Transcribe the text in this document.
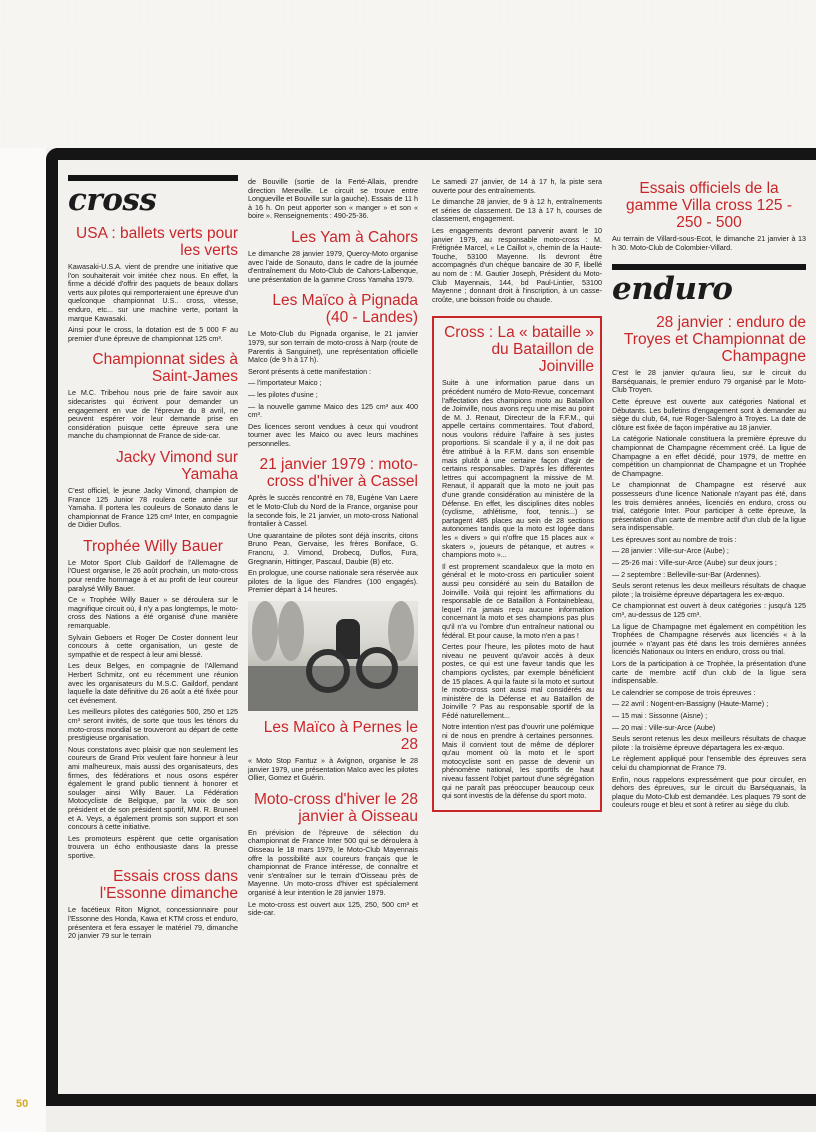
cross
USA : ballets verts pour les verts

Kawasaki-U.S.A. vient de prendre une initiative que l'on souhaiterait voir imitée chez nous. En effet, la firme a décidé d'offrir des paquets de beaux dollars verts aux pilotes qui remporteraient une épreuve d'un quelconque championnat U.S.. cross, vitesse, enduro, etc... sur une machine verte, portant la marque Kawasaki.

Ainsi pour le cross, la dotation est de 5 000 F au premier d'une épreuve de championnat 125 cm³.

Championnat sides à Saint-James

Le M.C. Tribehou nous prie de faire savoir aux sidecaristes qui écrivent pour demander un engagement en vue de l'épreuve du 8 avril, ne peuvent espérer voir leur demande prise en considération puisque cette épreuve sera une manche du championnat de France de side-car.

Jacky Vimond sur Yamaha

C'est officiel, le jeune Jacky Vimond, champion de France 125 Junior 78 roulera cette année sur Yamaha. Il portera les couleurs de Sonauto dans le championnat de France 125 cm³ Inter, en compagnie de Didier Duflos.

Trophée Willy Bauer

Le Motor Sport Club Gaildorf de l'Allemagne de l'Ouest organise, le 26 août prochain, un moto-cross pour rendre hommage à et au profit de leur coureur paralysé Willy Bauer.

Ce « Trophée Willy Bauer » se déroulera sur le magnifique circuit où, il n'y a pas longtemps, le moto-cross des Nations a été organisé d'une manière remarquable.

Sylvain Geboers et Roger De Coster donnent leur concours à cette organisation, un geste de sympathie et de respect à leur ami blessé.

Les deux Belges, en compagnie de l'Allemand Herbert Schmitz, ont eu récemment une réunion avec les organisateurs du M.S.C. Gaildorf, pendant laquelle la date définitive du 26 août a été fixée pour cet événement.

Les meilleurs pilotes des catégories 500, 250 et 125 cm³ seront invités, de sorte que tous les ténors du moto-cross mondial se trouveront au départ de cette prestigieuse organisation.

Nous constatons avec plaisir que non seulement les coureurs de Grand Prix veulent faire honneur à leur ami malheureux, mais aussi des organisateurs, des firmes, des fédérations et nous osons espérer également le grand public tiennent à honorer et soulager ainsi Willy Bauer. La Fédération Motocycliste de Belgique, par la voix de son président et de son président sportif, MM. R. Bruneel et A. Veys, a également promis son support et son concours à cette initiative.

Les promoteurs espèrent que cette organisation trouvera un écho enthousiaste dans la presse sportive.

Essais cross dans l'Essonne dimanche

Le facétieux Riton Mignot, concessionnaire pour l'Essonne des Honda, Kawa et KTM cross et enduro, présentera et fera essayer le matériel 79, dimanche 20 janvier 79 sur le terrain

de Bouville (sortie de la Ferté-Allais, prendre direction Mereville. Le circuit se trouve entre Longueville et Bouville sur la gauche). Essais de 11 h à 16 h. On peut apporter son « manger » et son « boire ». Renseignements : 490-25-36.

Les Yam à Cahors

Le dimanche 28 janvier 1979, Quercy-Moto organise avec l'aide de Sonauto, dans le cadre de la journée d'entraînement du Moto-Club de Cahors-Lalbenque, une présentation de la gamme Cross Yamaha 1979.

Les Maïco à Pignada (40 - Landes)

Le Moto-Club du Pignada organise, le 21 janvier 1979, sur son terrain de moto-cross à Narp (route de Parentis à Sanguinet), une représentation officielle Maïco (de 9 h à 17 h).

Seront présents à cette manifestation :

— l'importateur Maico ;

— les pilotes d'usine ;

— la nouvelle gamme Maico des 125 cm³ aux 400 cm³.

Des licences seront vendues à ceux qui voudront tourner avec les Maico ou avec leurs machines personnelles.

21 janvier 1979 : moto-cross d'hiver à Cassel

Après le succès rencontré en 78, Eugène Van Laere et le Moto-Club du Nord de la France, organise pour la seconde fois, le 21 janvier, un moto-cross National frontalier à Cassel.

Une quarantaine de pilotes sont déjà inscrits, citons Bruno Pean, Gervaise, les frères Boniface, G. Francru, J. Vimond, Drobecq, Duflos, Fura, Gregnanin, Hittinger, Pascaul, Daubie (B) etc.

En prologue, une course nationale sera réservée aux pilotes de la ligue des Flandres (100 engagés). Premier départ à 14 heures.

Les Maïco à Pernes le 28

« Moto Stop Fantuz » à Avignon, organise le 28 janvier 1979, une présentation Maïco avec les pilotes Ollier, Gomez et Guérin.

Moto-cross d'hiver le 28 janvier à Oisseau

En prévision de l'épreuve de sélection du championnat de France Inter 500 qui se déroulera à Oisseau le 18 mars 1979, le Moto-Club Mayennais offre la possibilité aux coureurs français que le championnat de France intéresse, de connaître et venir s'entraîner sur le terrain d'Oisseau près de Mayenne. Un moto-cross d'hiver est spécialement organisé à leur intention le 28 janvier 1979.

Le moto-cross est ouvert aux 125, 250, 500 cm³ et side-car.

Le samedi 27 janvier, de 14 à 17 h, la piste sera ouverte pour des entraînements.

Le dimanche 28 janvier, de 9 à 12 h, entraînements et séries de classement. De 13 à 17 h, courses de classement, engagement.

Les engagements devront parvenir avant le 10 janvier 1979, au responsable moto-cross : M. Frétignée Marcel, « Le Caillot », chemin de la Haute-Touche, 53100 Mayenne. Ils devront être accompagnés d'un chèque bancaire de 30 F, libellé au nom de : M. Gautier Joseph, Président du Moto-Club Mayennais, 144, bd Paul-Lintier, 53100 Mayenne ; donnant droit à l'inscription, à un casse-croûte, une boisson froide ou chaude.

Cross : La « bataille » du Bataillon de Joinville

Suite à une information parue dans un précédent numéro de Moto-Revue, concernant l'affectation des champions moto au Bataillon de Joinville, nous avons reçu une mise au point de M. J. Renaut, Directeur de la F.F.M., qui appelle certains commentaires. Tout d'abord, nous voulons réduire l'affaire à ses justes proportions. Si scandale il y a, il ne doit pas être attribué à la F.F.M. dans son ensemble mais plutôt à une certaine façon d'agir de certains responsables. D'après les différentes lettres qui accompagnent la missive de M. Renaut, il apparaît que la moto ne jouit pas d'une grande considération au ministère de la Défense. En effet, les disciplines dites nobles (cyclisme, athlétisme, foot, tennis...) se partagent 485 places au sein de 28 sections autonomes tandis que la moto est logée dans les « divers » qui n'offre que 15 places aux « skaters », joueurs de pétanque, et autres « champions moto »...

Il est proprement scandaleux que la moto en général et le moto-cross en particulier soient aussi peu considéré au sein du Bataillon de Joinville. Voilà qui rejoint les affirmations du responsable de ce Bataillon à Fontainebleau, lequel n'a jamais reçu aucune information concernant la moto et ses champions pas plus qu'il n'a vu l'ombre d'un entraîneur national ou fédéral. Et pour cause, la moto n'en a pas !

Certes pour l'heure, les pilotes moto de haut niveau ne peuvent qu'avoir accès à deux postes, ce qui est une faveur tandis que les champions cyclistes, par exemple bénéficient de 15 places. A qui la faute si la moto et surtout le moto-cross sont aussi mal considérés au ministère de la Défense et au Bataillon de Joinville ? Pas au responsable sportif de la Fédé naturellement...

Notre intention n'est pas d'ouvrir une polémique ni de nous en prendre à certaines personnes. Mais il convient tout de même de déplorer qu'au moment où la moto et le sport motocycliste sont en passe de devenir un phénomène national, les sportifs de haut niveau fassent l'objet partout d'une ségrégation qui ne paraît pas préoccuper beaucoup ceux qui sont investis de la défense du sport moto.

Essais officiels de la gamme Villa cross 125 - 250 - 500

Au terrain de Villard-sous-Ecot, le dimanche 21 janvier à 13 h 30. Moto-Club de Colombier-Villard.

enduro
28 janvier : enduro de Troyes et Championnat de Champagne

C'est le 28 janvier qu'aura lieu, sur le circuit du Barséquanais, le premier enduro 79 organisé par le Moto-Club Troyen.

Cette épreuve est ouverte aux catégories National et Débutants. Les bulletins d'engagement sont à demander au siège du club, 64, rue Roger-Salengro à Troyes. La date de clôture est fixée de façon impérative au 18 janvier.

La catégorie Nationale constituera la première épreuve du championnat de Champagne récemment créé. La ligue de Champagne a en effet décidé, pour 1979, de mettre en compétition un championnat de Champagne et un Trophée de Champagne.

Le championnat de Champagne est réservé aux possesseurs d'une licence Nationale n'ayant pas été, dans les trois dernières années, licenciés en enduro, cross ou trial, catégorie Inter. Pour participer à cette épreuve, la présentation d'un carte de membre actif d'un club de la ligue sera indispensable.

Les épreuves sont au nombre de trois :

— 28 janvier : Ville-sur-Arce (Aube) ;

— 25-26 mai : Ville-sur-Arce (Aube) sur deux jours ;

— 2 septembre : Belleville-sur-Bar (Ardennes).

Seuls seront retenus les deux meilleurs résultats de chaque pilote ; la troisième épreuve départagera les ex-æquo.

Ce championnat est ouvert à deux catégories : jusqu'à 125 cm³, au-dessus de 125 cm³.

La ligue de Champagne met également en compétition les Trophées de Champagne réservés aux licenciés « à la journée » n'ayant pas été dans les trois dernières années licenciés Nationaux ou Inters en enduro, cross ou trial.

Lors de la participation à ce Trophée, la présentation d'une carte de membre actif d'un club de la ligue sera indispensable.

Le calendrier se compose de trois épreuves :

— 22 avril : Nogent-en-Bassigny (Haute-Marne) ;

— 15 mai : Sissonne (Aisne) ;

— 20 mai : Ville-sur-Arce (Aube)

Seuls seront retenus les deux meilleurs résultats de chaque pilote : la troisième épreuve départagera les ex-æquo.

Le règlement appliqué pour l'ensemble des épreuves sera celui du championnat de France 79.

Enfin, nous rappelons expressément que pour circuler, en dehors des épreuves, sur le circuit du Barséquanais, la plaque du Moto-Club est demandée. Les plaques 79 sont de couleurs rouge et bleu et sont à retirer au siège du club.

50
